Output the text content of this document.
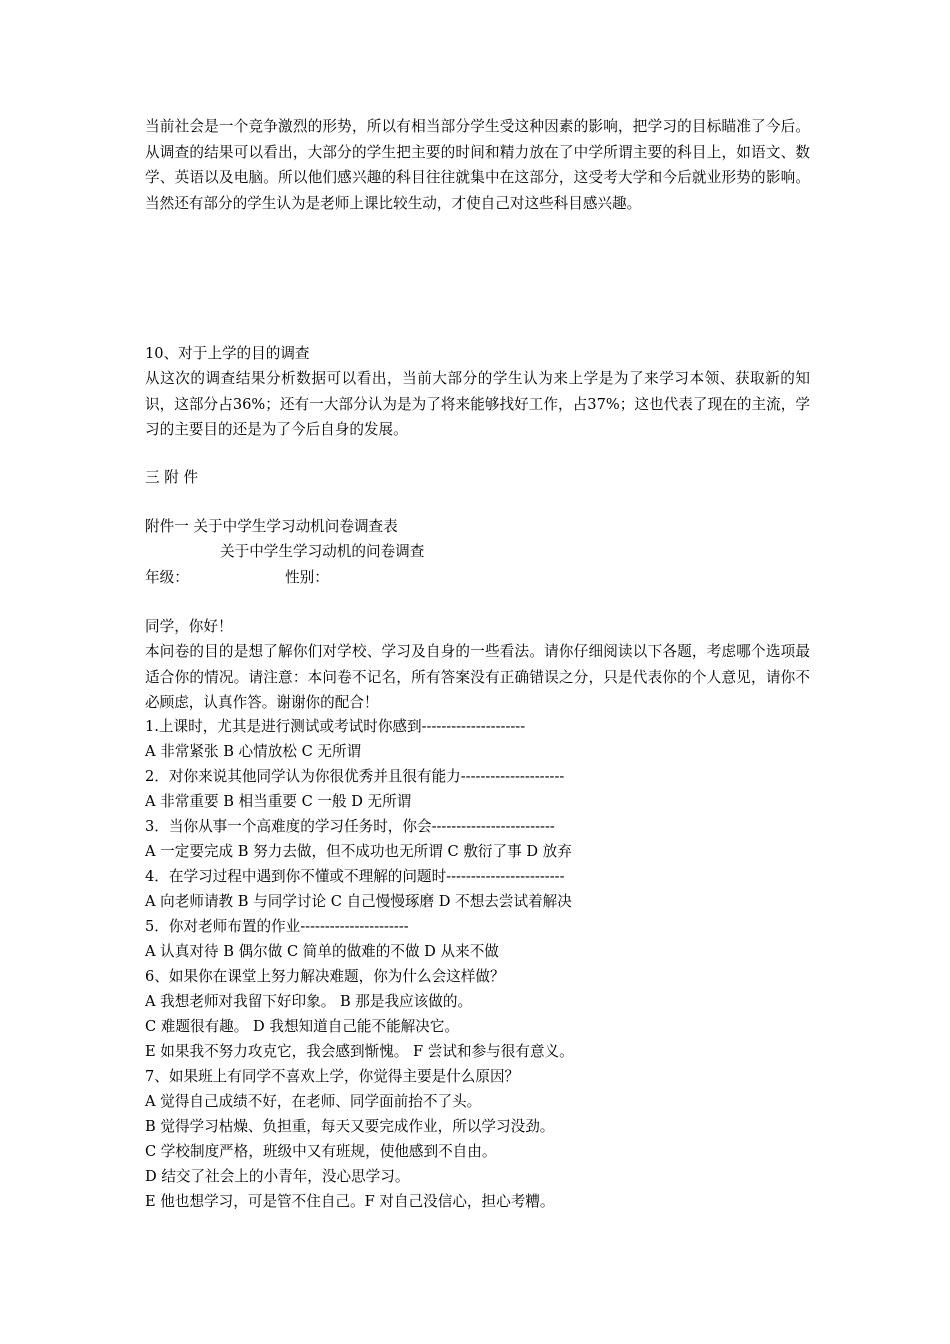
当前社会是一个竞争激烈的形势，所以有相当部分学生受这种因素的影响，把学习的目标瞄准了今后。从调查的结果可以看出，大部分的学生把主要的时间和精力放在了中学所谓主要的科目上，如语文、数学、英语以及电脑。所以他们感兴趣的科目往往就集中在这部分，这受考大学和今后就业形势的影响。当然还有部分的学生认为是老师上课比较生动，才使自己对这些科目感兴趣。
10、对于上学的目的调查
从这次的调查结果分析数据可以看出，当前大部分的学生认为来上学是为了来学习本领、获取新的知识，这部分占36%；还有一大部分认为是为了将来能够找好工作，占37%；这也代表了现在的主流，学习的主要目的还是为了今后自身的发展。
三 附 件
附件一 关于中学生学习动机问卷调查表
关于中学生学习动机的问卷调查
年级：	性别：
同学，你好！
本问卷的目的是想了解你们对学校、学习及自身的一些看法。请你仔细阅读以下各题，考虑哪个选项最适合你的情况。请注意：本问卷不记名，所有答案没有正确错误之分，只是代表你的个人意见，请你不必顾虑，认真作答。谢谢你的配合！
1.上课时，尤其是进行测试或考试时你感到---------------------
A 非常紧张 B 心情放松 C 无所谓
2．对你来说其他同学认为你很优秀并且很有能力---------------------
A 非常重要 B 相当重要 C 一般 D 无所谓
3．当你从事一个高难度的学习任务时，你会-------------------------
A 一定要完成 B 努力去做，但不成功也无所谓 C 敷衍了事 D 放弃
4．在学习过程中遇到你不懂或不理解的问题时------------------------
A 向老师请教 B 与同学讨论 C 自己慢慢琢磨 D 不想去尝试着解决
5．你对老师布置的作业----------------------
A 认真对待 B 偶尔做 C 简单的做难的不做 D 从来不做
6、如果你在课堂上努力解决难题，你为什么会这样做？
A 我想老师对我留下好印象。 B 那是我应该做的。
C 难题很有趣。 D 我想知道自己能不能解决它。
E 如果我不努力攻克它，我会感到惭愧。 F 尝试和参与很有意义。
7、如果班上有同学不喜欢上学，你觉得主要是什么原因？
A 觉得自己成绩不好，在老师、同学面前抬不了头。
B 觉得学习枯燥、负担重，每天又要完成作业，所以学习没劲。
C 学校制度严格，班级中又有班规，使他感到不自由。
D 结交了社会上的小青年，没心思学习。
E 他也想学习，可是管不住自己。F 对自己没信心，担心考糟。
